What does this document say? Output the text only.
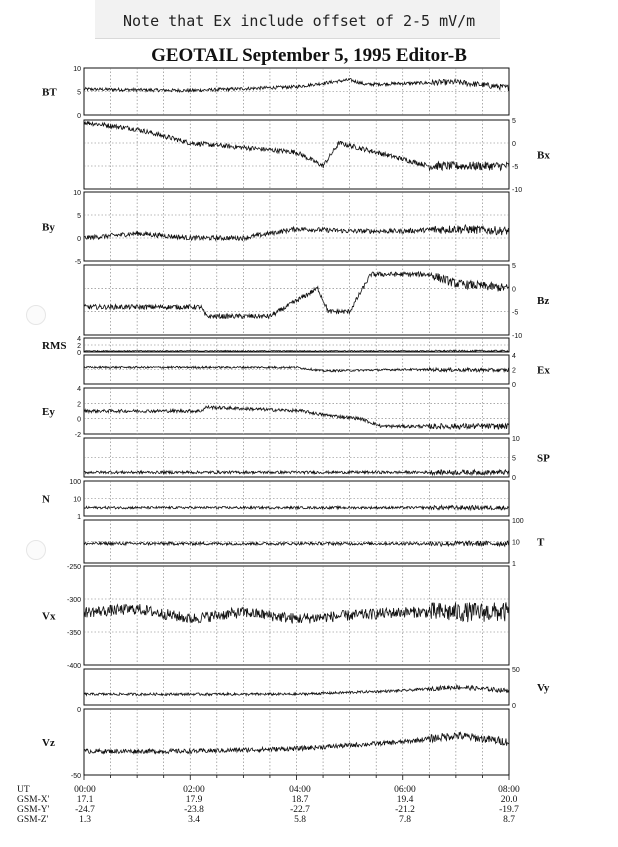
Note that Ex include offset of 2-5 mV/m
GEOTAIL September 5, 1995 Editor-B
10
5
0
BT
5
0
-5
-10
Bx
10
5
0
-5
By
5
0
-5
-10
Bz
4
2
0
RMS
4
2
0
Ex
4
2
0
-2
Ey
10
5
0
SP
100
10
1
N
100
10
1
T
-250
-300
-350
-400
Vx
50
0
Vy
0
-50
Vz
UT
GSM-X'
GSM-Y'
GSM-Z'
00:00
17.1
-24.7
1.3
02:00
17.9
-23.8
3.4
04:00
18.7
-22.7
5.8
06:00
19.4
-21.2
7.8
08:00
20.0
-19.7
8.7
